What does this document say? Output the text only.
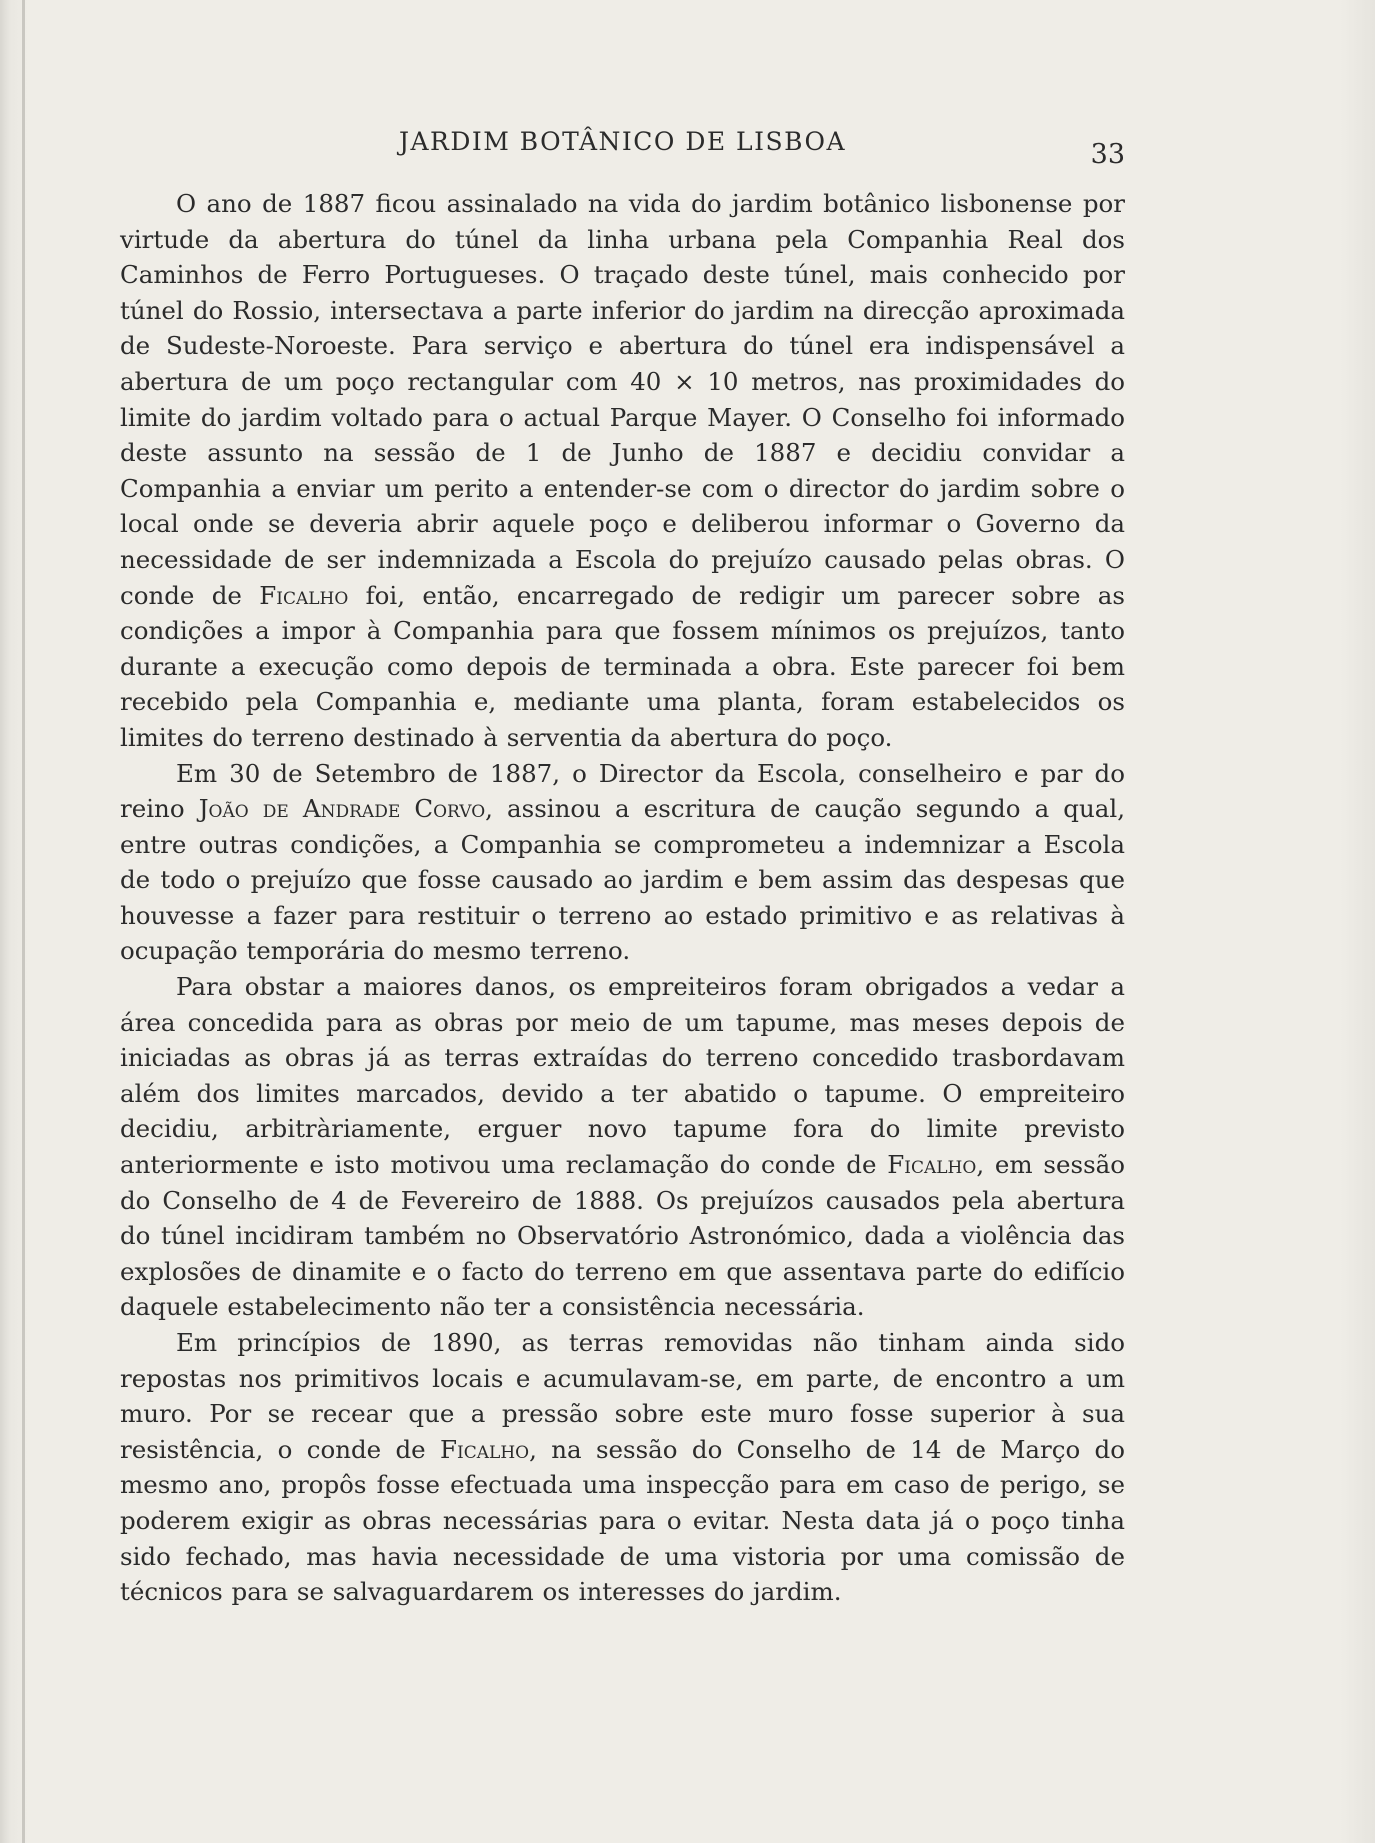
JARDIM BOTÂNICO DE LISBOA	33

O ano de 1887 ficou assinalado na vida do jardim botânico lisbonense por virtude da abertura do túnel da linha urbana pela Companhia Real dos Caminhos de Ferro Portugueses. O traçado deste túnel, mais conhecido por túnel do Rossio, intersectava a parte inferior do jardim na direcção aproximada de Sudeste-Noroeste. Para serviço e abertura do túnel era indispensável a abertura de um poço rectangular com 40 × 10 metros, nas proximidades do limite do jardim voltado para o actual Parque Mayer. O Conselho foi informado deste assunto na sessão de 1 de Junho de 1887 e decidiu convidar a Companhia a enviar um perito a entender-se com o director do jardim sobre o local onde se deveria abrir aquele poço e deliberou informar o Governo da necessidade de ser indemnizada a Escola do prejuízo causado pelas obras. O conde de Ficalho foi, então, encarregado de redigir um parecer sobre as condições a impor à Companhia para que fossem mínimos os prejuízos, tanto durante a execução como depois de terminada a obra. Este parecer foi bem recebido pela Companhia e, mediante uma planta, foram estabelecidos os limites do terreno destinado à serventia da abertura do poço.

Em 30 de Setembro de 1887, o Director da Escola, conselheiro e par do reino João de Andrade Corvo, assinou a escritura de caução segundo a qual, entre outras condições, a Companhia se comprometeu a indemnizar a Escola de todo o prejuízo que fosse causado ao jardim e bem assim das despesas que houvesse a fazer para restituir o terreno ao estado primitivo e as relativas à ocupação temporária do mesmo terreno.

Para obstar a maiores danos, os empreiteiros foram obrigados a vedar a área concedida para as obras por meio de um tapume, mas meses depois de iniciadas as obras já as terras extraídas do terreno concedido trasbordavam além dos limites marcados, devido a ter abatido o tapume. O empreiteiro decidiu, arbitràriamente, erguer novo tapume fora do limite previsto anteriormente e isto motivou uma reclamação do conde de Ficalho, em sessão do Conselho de 4 de Fevereiro de 1888. Os prejuízos causados pela abertura do túnel incidiram também no Observatório Astronómico, dada a violência das explosões de dinamite e o facto do terreno em que assentava parte do edifício daquele estabelecimento não ter a consistência necessária.

Em princípios de 1890, as terras removidas não tinham ainda sido repostas nos primitivos locais e acumulavam-se, em parte, de encontro a um muro. Por se recear que a pressão sobre este muro fosse superior à sua resistência, o conde de Ficalho, na sessão do Conselho de 14 de Março do mesmo ano, propôs fosse efectuada uma inspecção para em caso de perigo, se poderem exigir as obras necessárias para o evitar. Nesta data já o poço tinha sido fechado, mas havia necessidade de uma vistoria por uma comissão de técnicos para se salvaguardarem os interesses do jardim.
